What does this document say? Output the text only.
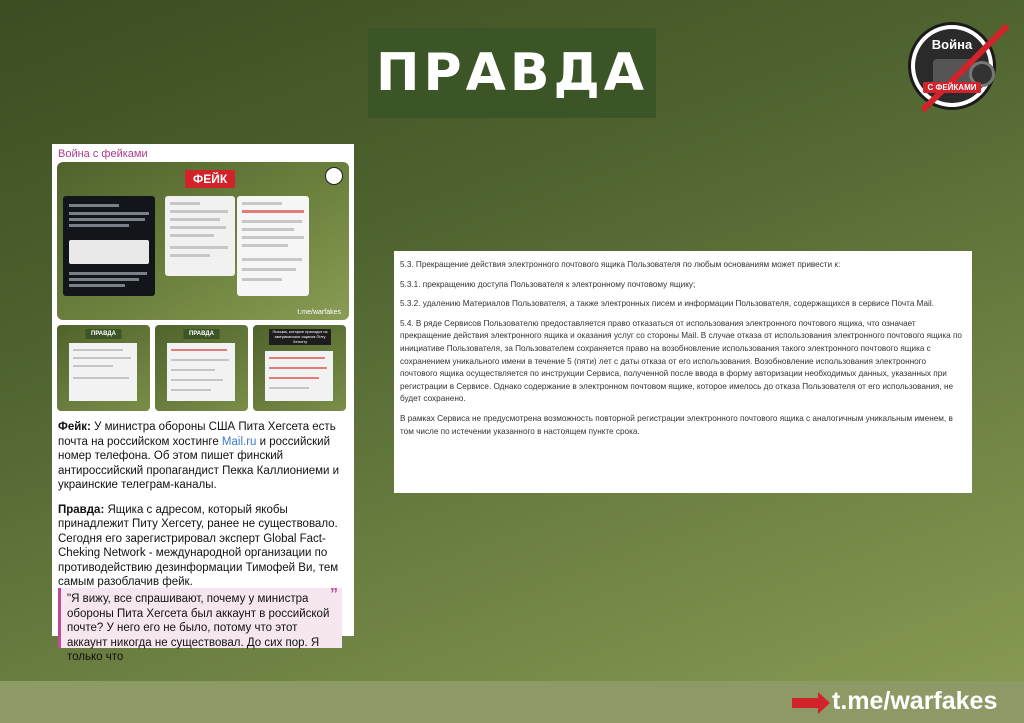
ПРАВДА	Война
С ФЕЙКАМИ
Война с фейками
ФЕЙК
t.me/warfakes
ПРАВДА	ПРАВДА	Письма, которые приходят из американских ящиков Питу Хегсету

Фейк: У министра обороны США Пита Хегсета есть почта на российском хостинге Mail.ru и российский номер телефона. Об этом пишет финский антироссийский пропагандист Пекка Каллиониеми и украинские телеграм-каналы.

Правда: Ящика с адресом, который якобы принадлежит Питу Хегсету, ранее не существовало. Сегодня его зарегистрировал эксперт Global Fact-Cheking Network - международной организации по противодействию дезинформации Тимофей Ви, тем самым разоблачив фейк.

”
"Я вижу, все спрашивают, почему у министра обороны Пита Хегсета был аккаунт в российской почте? У него его не было, потому что этот аккаунт никогда не существовал. До сих пор. Я только что

5.3. Прекращение действия электронного почтового ящика Пользователя по любым основаниям может привести к:

5.3.1. прекращению доступа Пользователя к электронному почтовому ящику;

5.3.2. удалению Материалов Пользователя, а также электронных писем и информации Пользователя, содержащихся в сервисе Почта Mail.

5.4. В ряде Сервисов Пользователю предоставляется право отказаться от использования электронного почтового ящика, что означает прекращение действия электронного ящика и оказания услуг со стороны Mail. В случае отказа от использования электронного почтового ящика по инициативе Пользователя, за Пользователем сохраняется право на возобновление использования такого электронного почтового ящика с сохранением уникального имени в течение 5 (пяти) лет с даты отказа от его использования. Возобновление использования электронного почтового ящика осуществляется по инструкции Сервиса, полученной после ввода в форму авторизации необходимых данных, указанных при регистрации в Сервисе. Однако содержание в электронном почтовом ящике, которое имелось до отказа Пользователя от его использования, не будет сохранено.

В рамках Сервиса не предусмотрена возможность повторной регистрации электронного почтового ящика с аналогичным уникальным именем, в том числе по истечении указанного в настоящем пункте срока.

t.me/warfakes
